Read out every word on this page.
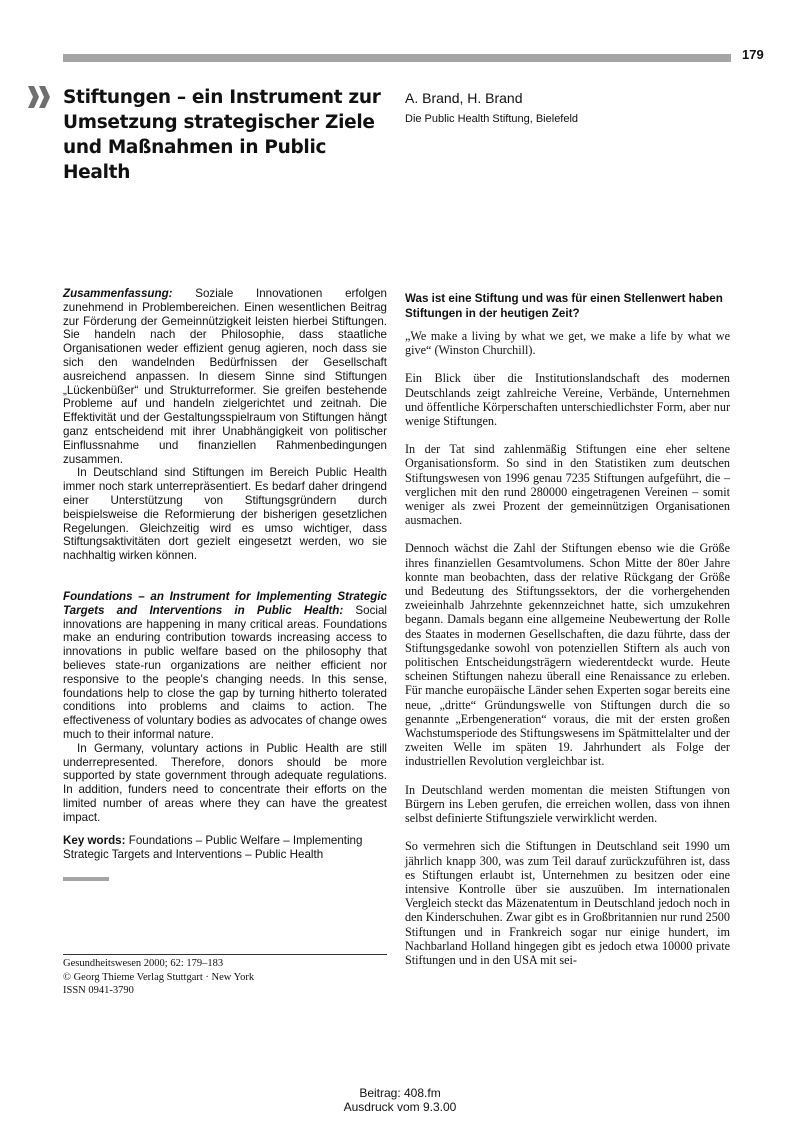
179
Stiftungen – ein Instrument zur Umsetzung strategischer Ziele und Maßnahmen in Public Health
A. Brand, H. Brand
Die Public Health Stiftung, Bielefeld
Zusammenfassung: Soziale Innovationen erfolgen zunehmend in Problembereichen. Einen wesentlichen Beitrag zur Förderung der Gemeinnützigkeit leisten hierbei Stiftungen. Sie handeln nach der Philosophie, dass staatliche Organisationen weder effizient genug agieren, noch dass sie sich den wandelnden Bedürfnissen der Gesellschaft ausreichend anpassen. In diesem Sinne sind Stiftungen „Lückenbüßer“ und Strukturreformer. Sie greifen bestehende Probleme auf und handeln zielgerichtet und zeitnah. Die Effektivität und der Gestaltungsspielraum von Stiftungen hängt ganz entscheidend mit ihrer Unabhängigkeit von politischer Einflussnahme und finanziellen Rahmenbedingungen zusammen.
In Deutschland sind Stiftungen im Bereich Public Health immer noch stark unterrepräsentiert. Es bedarf daher dringend einer Unterstützung von Stiftungsgründern durch beispielsweise die Reformierung der bisherigen gesetzlichen Regelungen. Gleichzeitig wird es umso wichtiger, dass Stiftungsaktivitäten dort gezielt eingesetzt werden, wo sie nachhaltig wirken können.
Foundations – an Instrument for Implementing Strategic Targets and Interventions in Public Health: Social innovations are happening in many critical areas. Foundations make an enduring contribution towards increasing access to innovations in public welfare based on the philosophy that believes state-run organizations are neither efficient nor responsive to the people's changing needs. In this sense, foundations help to close the gap by turning hitherto tolerated conditions into problems and claims to action. The effectiveness of voluntary bodies as advocates of change owes much to their informal nature.
In Germany, voluntary actions in Public Health are still underrepresented. Therefore, donors should be more supported by state government through adequate regulations. In addition, funders need to concentrate their efforts on the limited number of areas where they can have the greatest impact.
Key words: Foundations – Public Welfare – Implementing Strategic Targets and Interventions – Public Health
Gesundheitswesen 2000; 62: 179–183
© Georg Thieme Verlag Stuttgart · New York
ISSN 0941-3790
Was ist eine Stiftung und was für einen Stellenwert haben Stiftungen in der heutigen Zeit?

„We make a living by what we get, we make a life by what we give“ (Winston Churchill).

Ein Blick über die Institutionslandschaft des modernen Deutschlands zeigt zahlreiche Vereine, Verbände, Unternehmen und öffentliche Körperschaften unterschiedlichster Form, aber nur wenige Stiftungen.

In der Tat sind zahlenmäßig Stiftungen eine eher seltene Organisationsform. So sind in den Statistiken zum deutschen Stiftungswesen von 1996 genau 7235 Stiftungen aufgeführt, die – verglichen mit den rund 280000 eingetragenen Vereinen – somit weniger als zwei Prozent der gemeinnützigen Organisationen ausmachen.

Dennoch wächst die Zahl der Stiftungen ebenso wie die Größe ihres finanziellen Gesamtvolumens. Schon Mitte der 80er Jahre konnte man beobachten, dass der relative Rückgang der Größe und Bedeutung des Stiftungssektors, der die vorhergehenden zweieinhalb Jahrzehnte gekennzeichnet hatte, sich umzukehren begann. Damals begann eine allgemeine Neubewertung der Rolle des Staates in modernen Gesellschaften, die dazu führte, dass der Stiftungsgedanke sowohl von potenziellen Stiftern als auch von politischen Entscheidungsträgern wiederentdeckt wurde. Heute scheinen Stiftungen nahezu überall eine Renaissance zu erleben. Für manche europäische Länder sehen Experten sogar bereits eine neue, „dritte“ Gründungswelle von Stiftungen durch die so genannte „Erbengeneration“ voraus, die mit der ersten großen Wachstumsperiode des Stiftungswesens im Spätmittelalter und der zweiten Welle im späten 19. Jahrhundert als Folge der industriellen Revolution vergleichbar ist.

In Deutschland werden momentan die meisten Stiftungen von Bürgern ins Leben gerufen, die erreichen wollen, dass von ihnen selbst definierte Stiftungsziele verwirklicht werden.

So vermehren sich die Stiftungen in Deutschland seit 1990 um jährlich knapp 300, was zum Teil darauf zurückzuführen ist, dass es Stiftungen erlaubt ist, Unternehmen zu besitzen oder eine intensive Kontrolle über sie auszuüben. Im internationalen Vergleich steckt das Mäzenatentum in Deutschland jedoch noch in den Kinderschuhen. Zwar gibt es in Großbritannien nur rund 2500 Stiftungen und in Frankreich sogar nur einige hundert, im Nachbarland Holland hingegen gibt es jedoch etwa 10000 private Stiftungen und in den USA mit sei-

Beitrag: 408.fm
Ausdruck vom 9.3.00
